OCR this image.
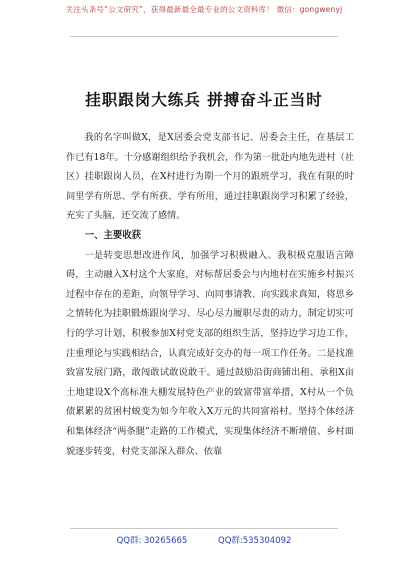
关注头条号“公文研究”，获得最新最全最专业的公文资料库！ 微信：gongwenyj
挂职跟岗大练兵 拼搏奋斗正当时

我的名字叫做X，是X居委会党支部书记、居委会主任，在基层工作已有18年。十分感谢组织给予我机会，作为第一批赴内地先进村（社区）挂职跟岗人员，在X村进行为期一个月的跟班学习，我在有限的时间里学有所思、学有所获、学有所用，通过挂职跟岗学习积累了经验，充实了头脑，还交流了感情。

一、主要收获

一是转变思想改进作风，加强学习积极融入。我积极克服语言障碍，主动融入X村这个大家庭，对标帮居委会与内地村在实施乡村振兴过程中存在的差距，向领导学习、向同事请教、向实践求真知，将思乡之情转化为挂职锻炼跟岗学习、尽心尽力履职尽责的动力，制定切实可行的学习计划，积极参加X村党支部的组织生活，坚持边学习边工作，注重理论与实践相结合，认真完成好交办的每一项工作任务。二是找准致富发展门路，敢闯敢试敢说敢干。通过鼓励沿街商铺出租、承租X亩土地建设X个高标准大棚发展特色产业的致富带富举措，X村从一个负债累累的贫困村蜕变为如今年收入X万元的共同富裕村。坚持个体经济和集体经济“两条腿”走路的工作模式，实现集体经济不断增值、乡村面貌逐步转变，村党支部深入群众、依靠

QQ群: 30265665	QQ群:535304092
